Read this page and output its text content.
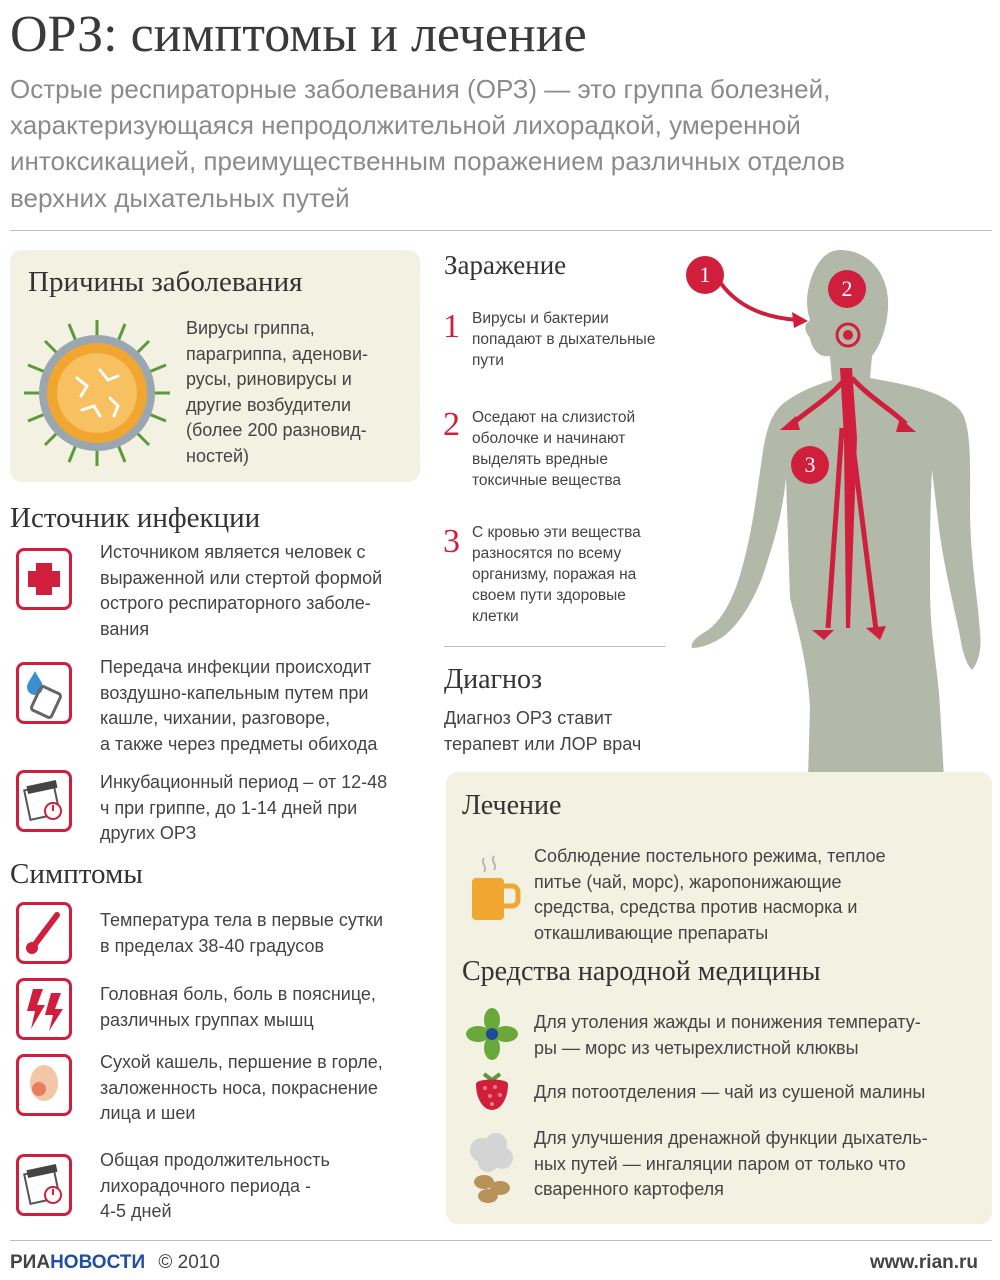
ОРЗ: симптомы и лечение
Острые респираторные заболевания (ОРЗ) — это группа болезней,
характеризующаяся непродолжительной лихорадкой, умеренной
интоксикацией, преимущественным поражением различных отделов
верхних дыхательных путей
1
2
3
Причины заболевания
Вирусы гриппа,
парагриппа, аденови-
русы, риновирусы и
другие возбудители
(более 200 разновид-
ностей)
Источник инфекции
Источником является человек с
выраженной или стертой формой
острого респираторного заболе-
вания
Передача инфекции происходит
воздушно-капельным путем при
кашле, чихании, разговоре,
а также через предметы обихода
Инкубационный период – от 12-48
ч при гриппе, до 1-14 дней при
других ОРЗ
Симптомы
Температура тела в первые сутки
в пределах 38-40 градусов
Головная боль, боль в пояснице,
различных группах мышц
Сухой кашель, першение в горле,
заложенность носа, покраснение
лица и шеи
Общая продолжительность
лихорадочного периода -
4-5 дней
Заражение
1 Вирусы и бактерии
попадают в дыхательные
пути
2 Оседают на слизистой
оболочке и начинают
выделять вредные
токсичные вещества
3 С кровью эти вещества
разносятся по всему
организму, поражая на
своем пути здоровые
клетки
Диагноз
Диагноз ОРЗ ставит
терапевт или ЛОР врач
Лечение
Соблюдение постельного режима, теплое
питье (чай, морс), жаропонижающие
средства, средства против насморка и
откашливающие препараты
Средства народной медицины
Для утоления жажды и понижения температу-
ры — морс из четырехлистной клюквы
Для потоотделения — чай из сушеной малины
Для улучшения дренажной функции дыхатель-
ных путей — ингаляции паром от только что
сваренного картофеля
РИАНОВОСТИ © 2010	www.rian.ru
